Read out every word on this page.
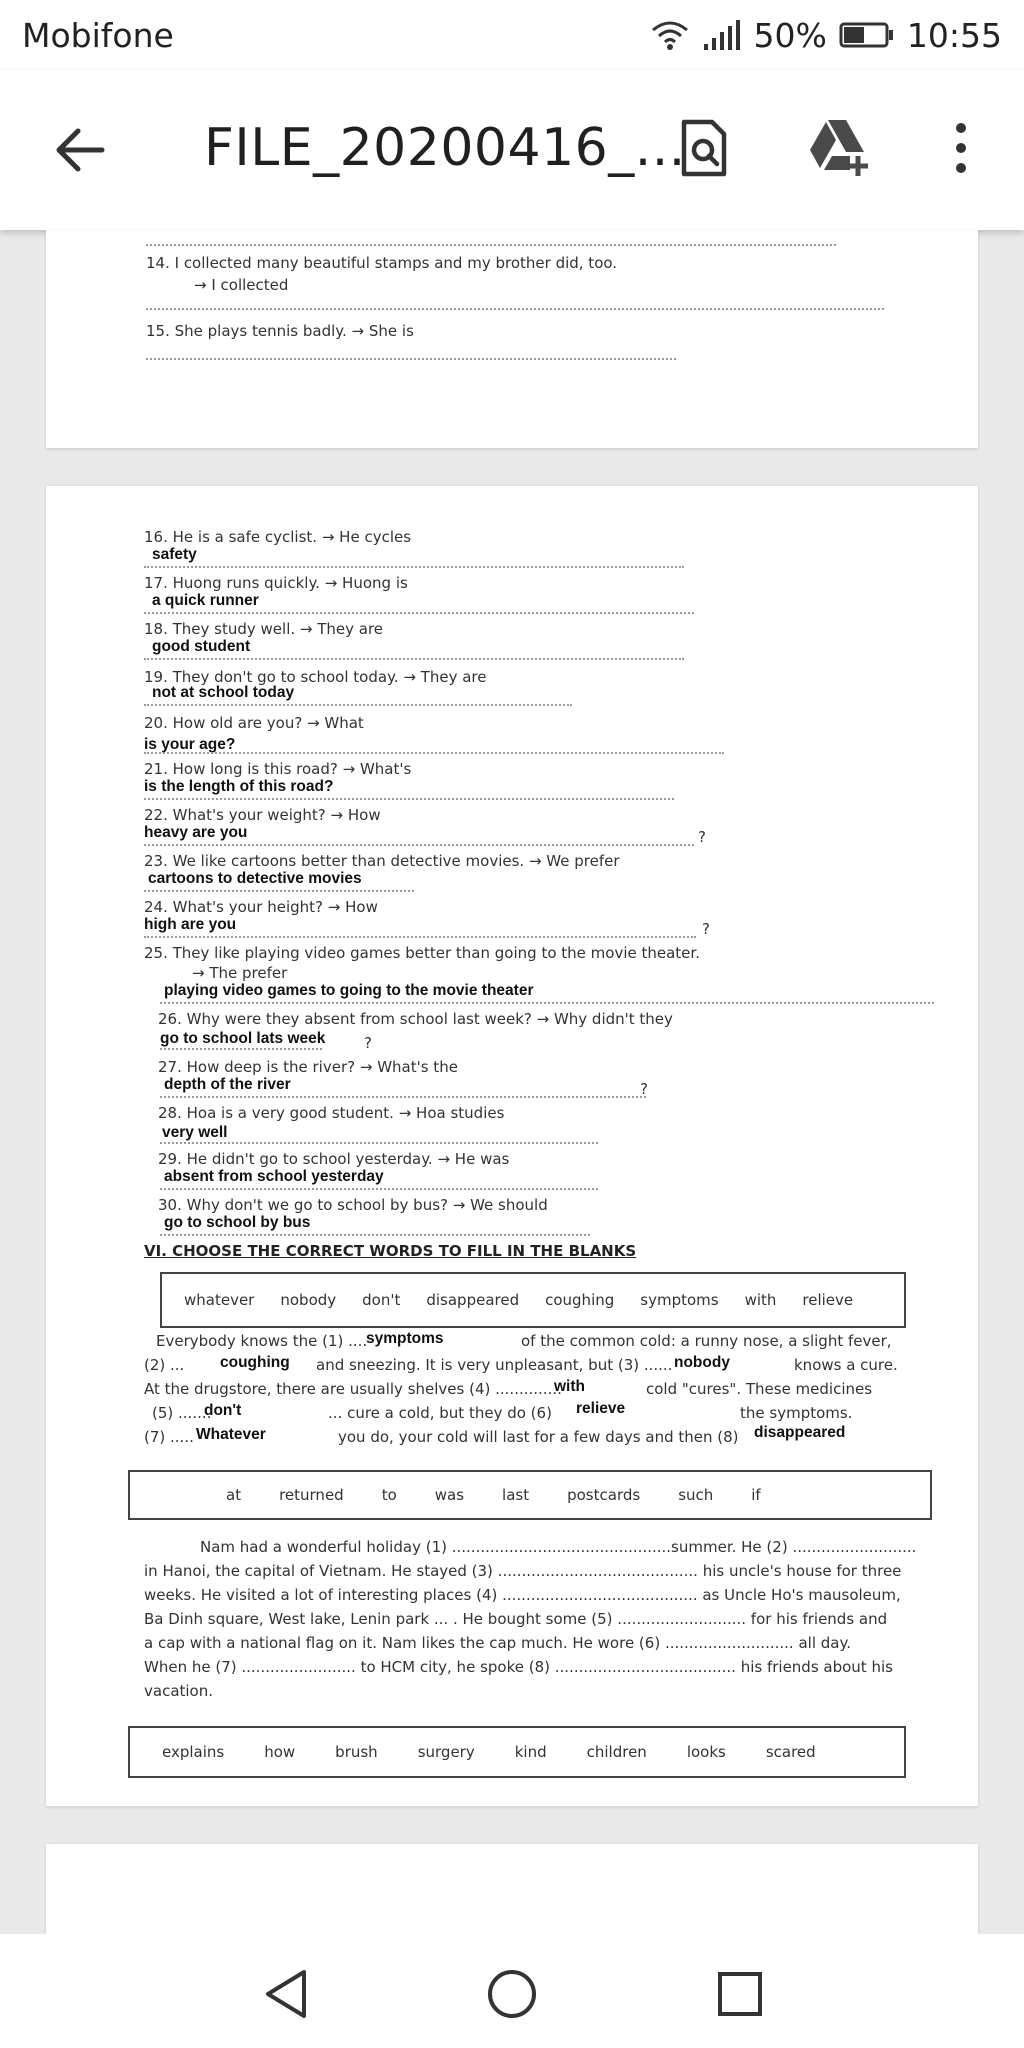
Mobifone	50% 10:55
FILE_20200416_...
14. I collected many beautiful stamps and my brother did, too.
→ I collected
15. She plays tennis badly. → She is
16. He is a safe cyclist. → He cycles
safety
17. Huong runs quickly. → Huong is
a quick runner
18. They study well. → They are
good student
19. They don't go to school today. → They are
not at school today
20. How old are you? → What
is your age?
21. How long is this road? → What's
is the length of this road?
22. What's your weight? → How
heavy are you	?
23. We like cartoons better than detective movies. → We prefer
cartoons to detective movies
24. What's your height? → How
high are you	?
25. They like playing video games better than going to the movie theater.
→ The prefer
playing video games to going to the movie theater
26. Why were they absent from school last week? → Why didn't they
go to school lats week	?
27. How deep is the river? → What's the
depth of the river	?
28. Hoa is a very good student. → Hoa studies
very well
29. He didn't go to school yesterday. → He was
absent from school yesterday
30. Why don't we go to school by bus? → We should
go to school by bus
VI. CHOOSE THE CORRECT WORDS TO FILL IN THE BLANKS
whatever nobody don't disappeared coughing symptoms with relieve
Everybody knows the (1) ....
symptoms	of the common cold: a runny nose, a slight fever,
(2) ... coughing and sneezing. It is very unpleasant, but (3) ...... nobody	knows a cure.
At the drugstore, there are usually shelves (4) ..............
with	cold "cures". These medicines
(5) .......
don't	... cure a cold, but they do (6) relieve	the symptoms.
(7) ..... Whatever	you do, your cold will last for a few days and then (8) disappeared
at	returned	to	was	last	postcards	such	if
Nam had a wonderful holiday (1) ..............................................summer. He (2) ..........................
in Hanoi, the capital of Vietnam. He stayed (3) .......................................... his uncle's house for three
weeks. He visited a lot of interesting places (4) ......................................... as Uncle Ho's mausoleum,
Ba Dinh square, West lake, Lenin park ... . He bought some (5) ........................... for his friends and
a cap with a national flag on it. Nam likes the cap much. He wore (6) ........................... all day.
When he (7) ........................ to HCM city, he spoke (8) ...................................... his friends about his
vacation.
explains	how	brush	surgery	kind	children	looks	scared
